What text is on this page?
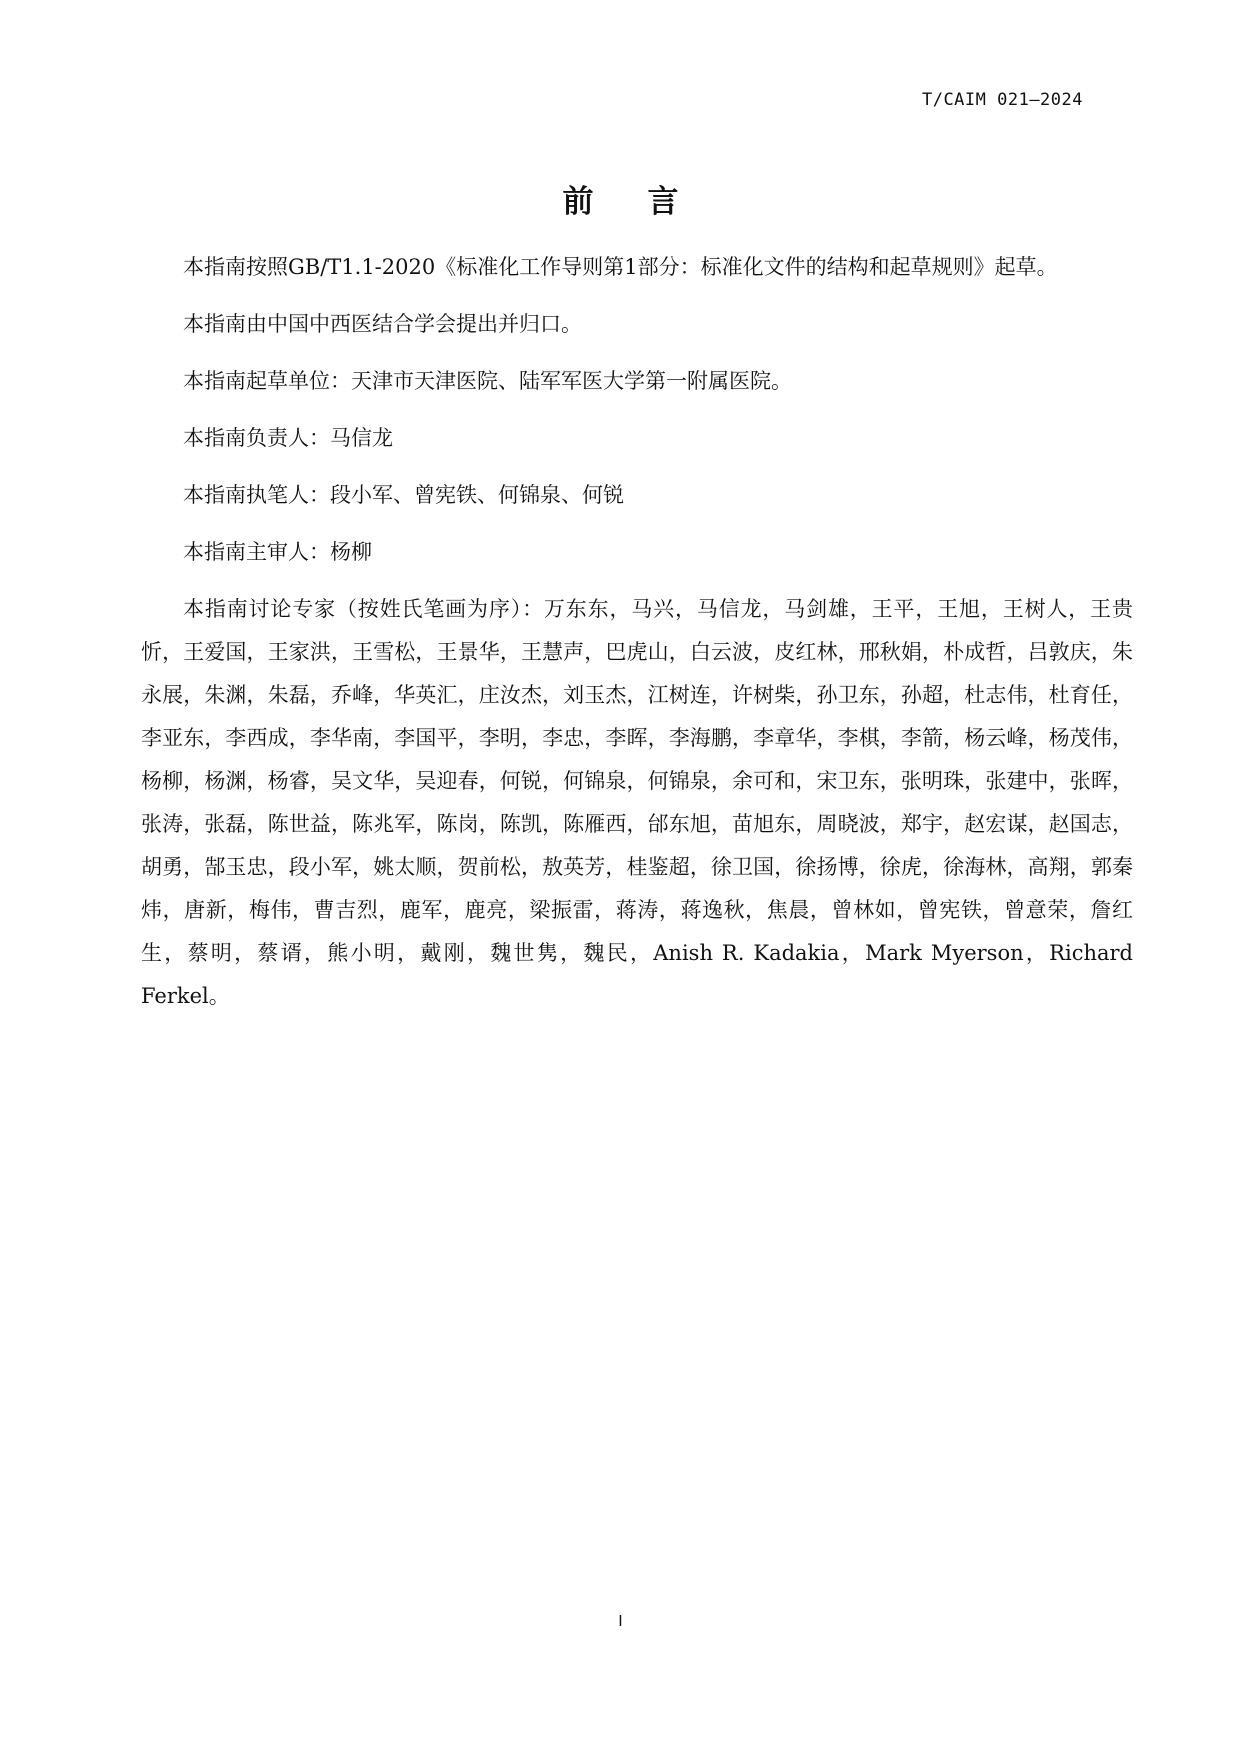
T/CAIM 021—2024
前言

本指南按照GB/T1.1-2020《标准化工作导则第1部分：标准化文件的结构和起草规则》起草。

本指南由中国中西医结合学会提出并归口。

本指南起草单位：天津市天津医院、陆军军医大学第一附属医院。

本指南负责人：马信龙

本指南执笔人：段小军、曾宪铁、何锦泉、何锐

本指南主审人：杨柳

本指南讨论专家（按姓氏笔画为序）：万东东，马兴，马信龙，马剑雄，王平，王旭，王树人，王贵忻，王爱国，王家洪，王雪松，王景华，王慧声，巴虎山，白云波，皮红林，邢秋娟，朴成哲，吕敦庆，朱永展，朱渊，朱磊，乔峰，华英汇，庄汝杰，刘玉杰，江树连，许树柴，孙卫东，孙超，杜志伟，杜育任，李亚东，李西成，李华南，李国平，李明，李忠，李晖，李海鹏，李章华，李棋，李箭，杨云峰，杨茂伟，杨柳，杨渊，杨睿，吴文华，吴迎春，何锐，何锦泉，何锦泉，余可和，宋卫东，张明珠，张建中，张晖，张涛，张磊，陈世益，陈兆军，陈岗，陈凯，陈雁西，邰东旭，苗旭东，周晓波，郑宇，赵宏谋，赵国志，胡勇，郜玉忠，段小军，姚太顺，贺前松，敖英芳，桂鉴超，徐卫国，徐扬博，徐虎，徐海林，高翔，郭秦炜，唐新，梅伟，曹吉烈，鹿军，鹿亮，梁振雷，蒋涛，蒋逸秋，焦晨，曾林如，曾宪铁，曾意荣，詹红生，蔡明，蔡谞，熊小明，戴刚，魏世隽，魏民，Anish R. Kadakia，Mark Myerson，Richard Ferkel。

I
